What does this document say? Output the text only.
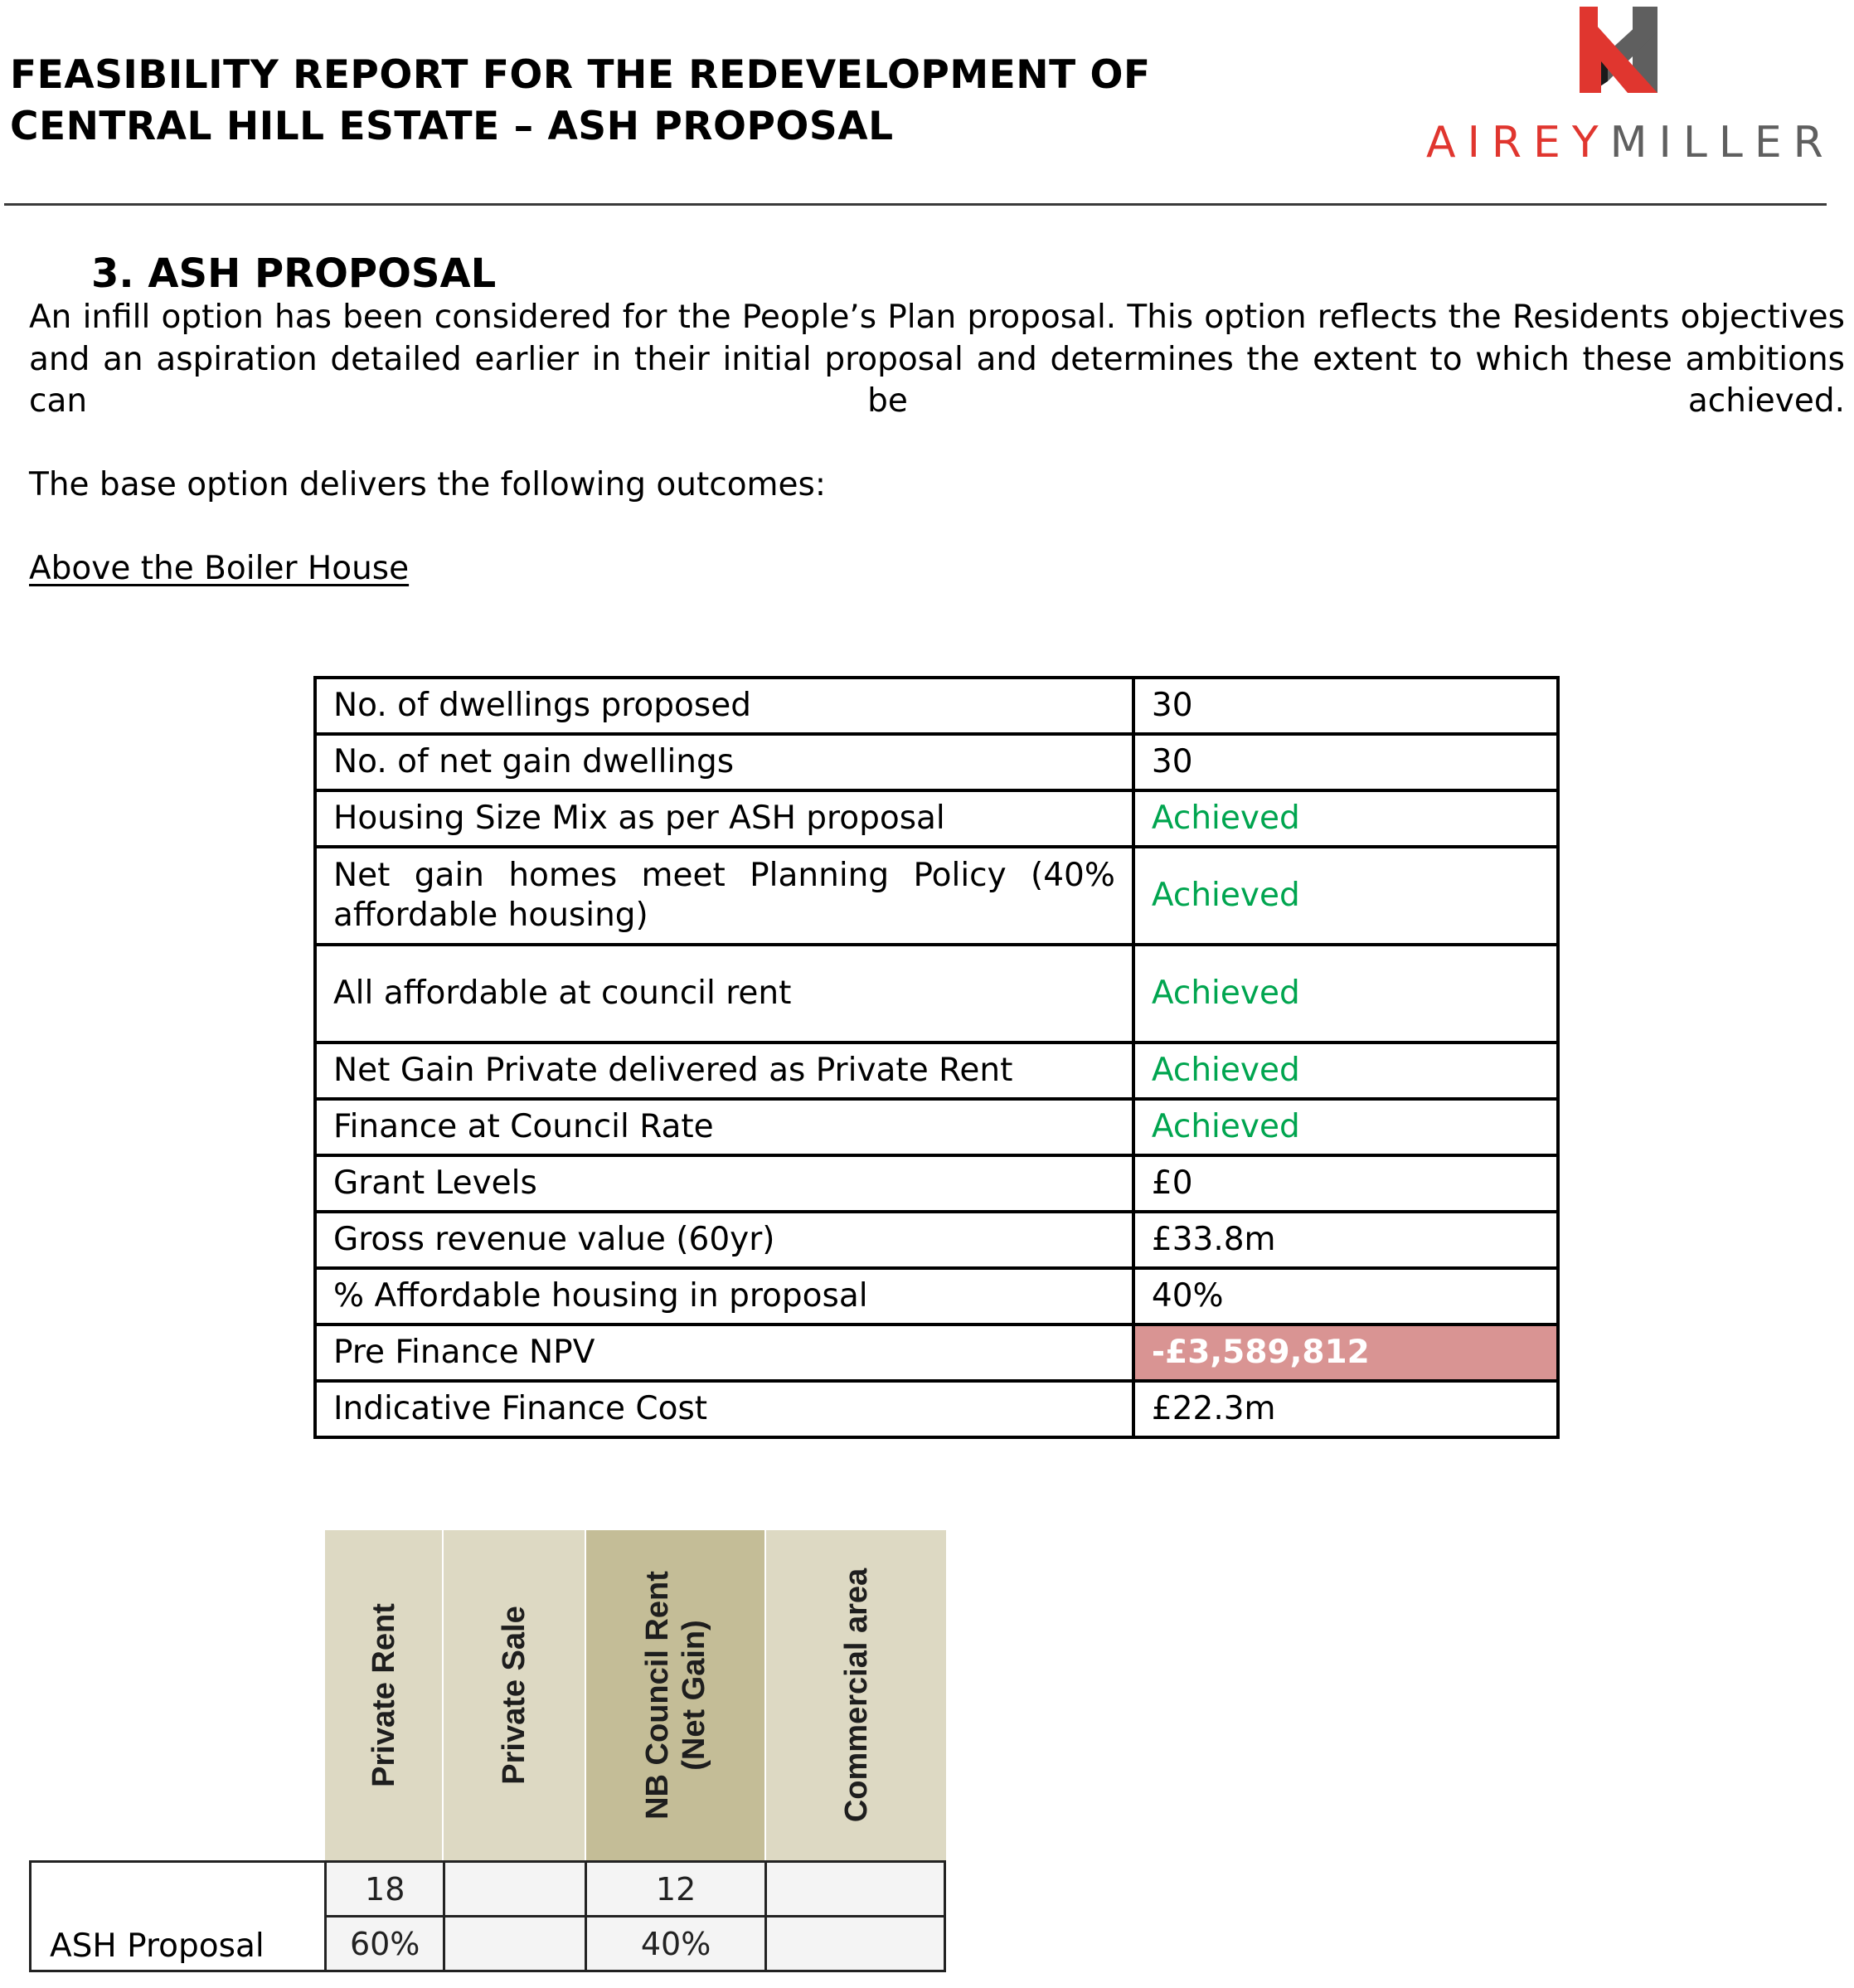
FEASIBILITY REPORT FOR THE REDEVELOPMENT OF
CENTRAL HILL ESTATE – ASH PROPOSAL	AIREYMILLER
3. ASH PROPOSAL
An infill option has been considered for the People’s Plan proposal. This option reflects the Residents objectives and an aspiration detailed earlier in their initial proposal and determines the extent to which these ambitions can be achieved.
The base option delivers the following outcomes:
Above the Boiler House
No. of dwellings proposed	30
No. of net gain dwellings	30
Housing Size Mix as per ASH proposal	Achieved
Net gain homes meet Planning Policy (40% affordable housing)	Achieved
All affordable at council rent	Achieved
Net Gain Private delivered as Private Rent	Achieved
Finance at Council Rate	Achieved
Grant Levels	£0
Gross revenue value (60yr)	£33.8m
% Affordable housing in proposal	40%
Pre Finance NPV	-£3,589,812
Indicative Finance Cost	£22.3m
Private Rent	Private Sale	NB Council Rent (Net Gain)	Commercial area
ASH Proposal	18		12	
	60%		40%	
